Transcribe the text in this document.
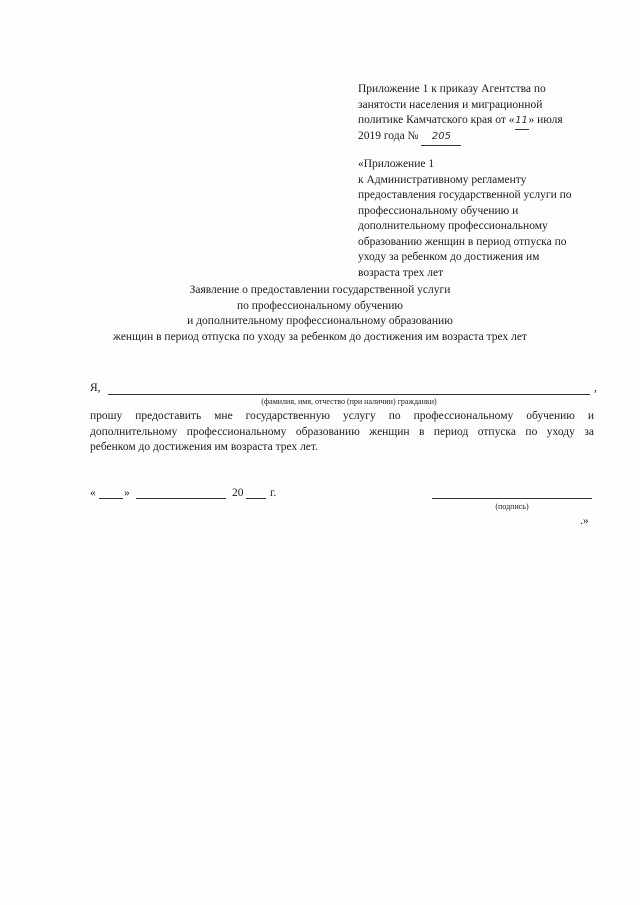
Приложение 1 к приказу Агентства по
занятости населения и миграционной
политике Камчатского края от «11» июля
2019 года № 205
«Приложение 1
к Административному регламенту
предоставления государственной услуги по
профессиональному обучению и
дополнительному профессиональному
образованию женщин в период отпуска по
уходу за ребенком до достижения им
возраста трех лет
Заявление о предоставлении государственной услуги
по профессиональному обучению
и дополнительному профессиональному образованию
женщин в период отпуска по уходу за ребенком до достижения им возраста трех лет
Я,	,
(фамилия, имя, отчество (при наличии) гражданки)
прошу предоставить мне государственную услугу по профессиональному обучению и
дополнительному профессиональному образованию женщин в период отпуска по уходу за
ребенком до достижения им возраста трех лет.
« »	20 г.
(подпись)
.»
